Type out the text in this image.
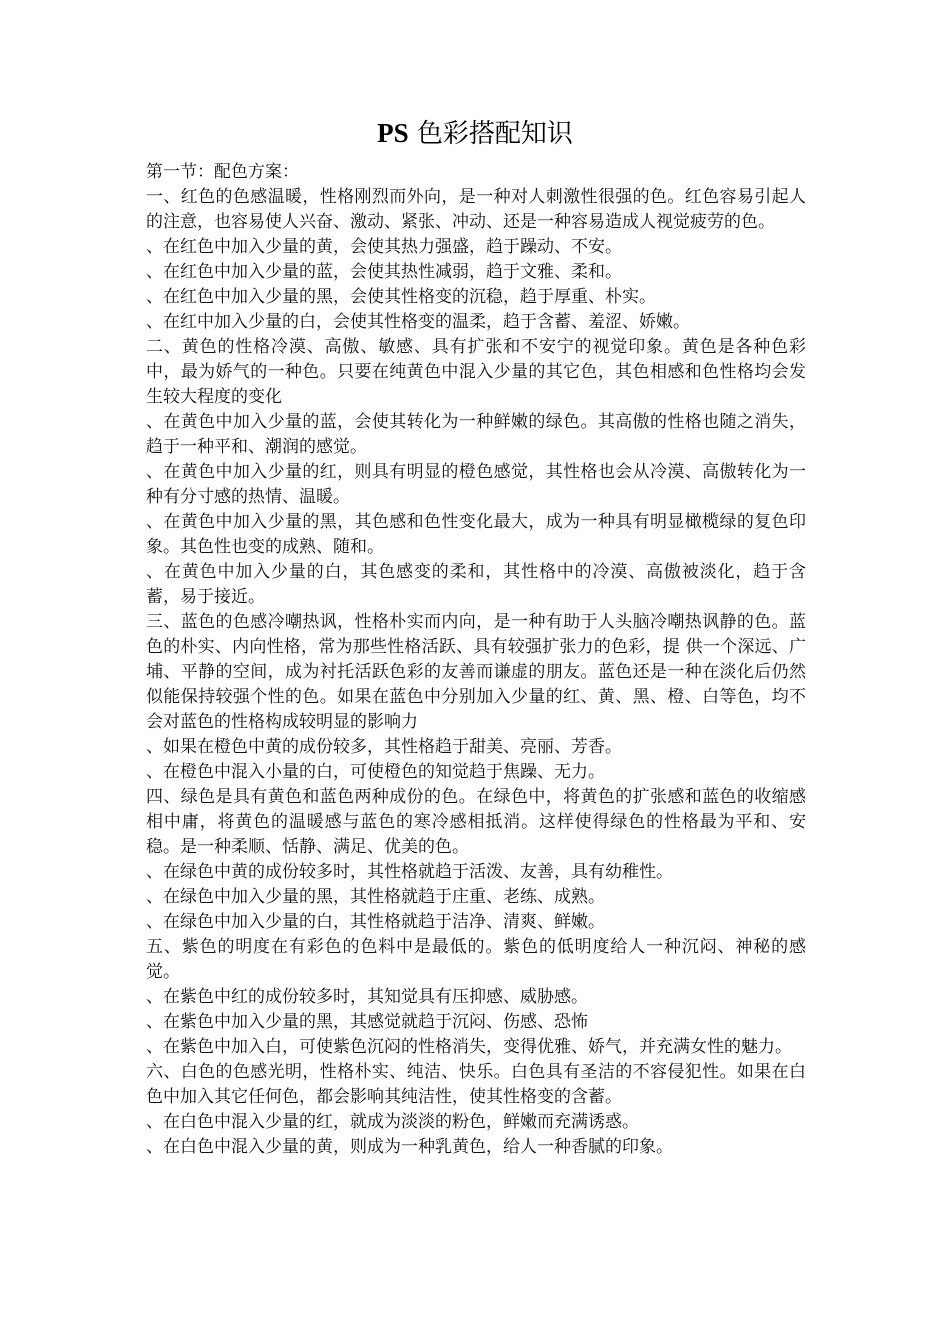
PS 色彩搭配知识

第一节：配色方案：

一、红色的色感温暖，性格刚烈而外向，是一种对人刺激性很强的色。红色容易引起人的注意，也容易使人兴奋、激动、紧张、冲动、还是一种容易造成人视觉疲劳的色。

、在红色中加入少量的黄，会使其热力强盛，趋于躁动、不安。

、在红色中加入少量的蓝，会使其热性减弱，趋于文雅、柔和。

、在红色中加入少量的黑，会使其性格变的沉稳，趋于厚重、朴实。

、在红中加入少量的白，会使其性格变的温柔，趋于含蓄、羞涩、娇嫩。

二、黄色的性格冷漠、高傲、敏感、具有扩张和不安宁的视觉印象。黄色是各种色彩中，最为娇气的一种色。只要在纯黄色中混入少量的其它色，其色相感和色性格均会发生较大程度的变化

、在黄色中加入少量的蓝，会使其转化为一种鲜嫩的绿色。其高傲的性格也随之消失，趋于一种平和、潮润的感觉。

、在黄色中加入少量的红，则具有明显的橙色感觉，其性格也会从冷漠、高傲转化为一种有分寸感的热情、温暖。

、在黄色中加入少量的黑，其色感和色性变化最大，成为一种具有明显橄榄绿的复色印象。其色性也变的成熟、随和。

、在黄色中加入少量的白，其色感变的柔和，其性格中的冷漠、高傲被淡化，趋于含蓄，易于接近。

三、蓝色的色感冷嘲热讽，性格朴实而内向，是一种有助于人头脑冷嘲热讽静的色。蓝色的朴实、内向性格，常为那些性格活跃、具有较强扩张力的色彩，提 供一个深远、广埔、平静的空间，成为衬托活跃色彩的友善而谦虚的朋友。蓝色还是一种在淡化后仍然似能保持较强个性的色。如果在蓝色中分别加入少量的红、黄、黑、橙、白等色，均不会对蓝色的性格构成较明显的影响力

、如果在橙色中黄的成份较多，其性格趋于甜美、亮丽、芳香。

、在橙色中混入小量的白，可使橙色的知觉趋于焦躁、无力。

四、绿色是具有黄色和蓝色两种成份的色。在绿色中，将黄色的扩张感和蓝色的收缩感相中庸，将黄色的温暖感与蓝色的寒冷感相抵消。这样使得绿色的性格最为平和、安稳。是一种柔顺、恬静、满足、优美的色。

、在绿色中黄的成份较多时，其性格就趋于活泼、友善，具有幼稚性。

、在绿色中加入少量的黑，其性格就趋于庄重、老练、成熟。

、在绿色中加入少量的白，其性格就趋于洁净、清爽、鲜嫩。

五、紫色的明度在有彩色的色料中是最低的。紫色的低明度给人一种沉闷、神秘的感觉。

、在紫色中红的成份较多时，其知觉具有压抑感、威胁感。

、在紫色中加入少量的黑，其感觉就趋于沉闷、伤感、恐怖

、在紫色中加入白，可使紫色沉闷的性格消失，变得优雅、娇气，并充满女性的魅力。

六、白色的色感光明，性格朴实、纯洁、快乐。白色具有圣洁的不容侵犯性。如果在白色中加入其它任何色，都会影响其纯洁性，使其性格变的含蓄。

、在白色中混入少量的红，就成为淡淡的粉色，鲜嫩而充满诱惑。

、在白色中混入少量的黄，则成为一种乳黄色，给人一种香腻的印象。
